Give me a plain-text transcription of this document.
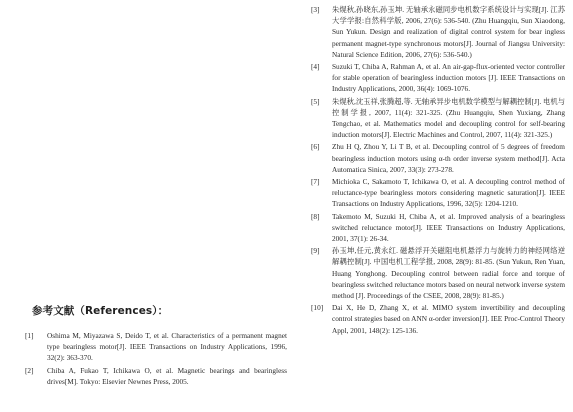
参考文献（References）：
[1]	Oshima M, Miyazawa S, Deido T, et al. Characteristics of a permanent magnet type bearingless motor[J]. IEEE Transactions on Industry Applications, 1996, 32(2): 363-370.
[2]	Chiba A, Fukao T, Ichikawa O, et al. Magnetic bearings and bearingless drives[M]. Tokyo: Elsevier Newnes Press, 2005.
[3]	朱熀秋,孙晓东,孙玉坤. 无轴承永磁同步电机数字系统设计与实现[J]. 江苏大学学报:自然科学版, 2006, 27(6): 536-540. (Zhu Huangqiu, Sun Xiaodong, Sun Yukun. Design and realization of digital control system for bear ingless permanent magnet-type synchronous motors[J]. Journal of Jiangsu University: Natural Science Edition, 2006, 27(6): 536-540.)
[4]	Suzuki T, Chiba A, Rahman A, et al. An air-gap-flux-oriented vector controller for stable operation of bearingless induction motors [J]. IEEE Transactions on Industry Applications, 2000, 36(4): 1069-1076.
[5]	朱熀秋,沈玉祥,张腾超,等. 无轴承异步电机数学模型与解耦控制[J]. 电机与控制学报, 2007, 11(4): 321-325. (Zhu Huangqiu, Shen Yuxiang, Zhang Tengchao, et al. Mathematics model and decoupling control for self-bearing induction motors[J]. Electric Machines and Control, 2007, 11(4): 321-325.)
[6]	Zhu H Q, Zhou Y, Li T B, et al. Decoupling control of 5 degrees of freedom bearingless induction motors using α-th order inverse system method[J]. Acta Automatica Sinica, 2007, 33(3): 273-278.
[7]	Michioka C, Sakamoto T, Ichikawa O, et al. A decoupling control method of reluctance-type bearingless motors considering magnetic saturation[J]. IEEE Transactions on Industry Applications, 1996, 32(5): 1204-1210.
[8]	Takemoto M, Suzuki H, Chiba A, et al. Improved analysis of a bearingless switched reluctance motor[J]. IEEE Transactions on Industry Applications, 2001, 37(1): 26-34.
[9]	孙玉坤,任元,黄永红. 磁悬浮开关磁阻电机悬浮力与旋转力的神经网络逆解耦控制[J]. 中国电机工程学报, 2008, 28(9): 81-85. (Sun Yukun, Ren Yuan, Huang Yonghong. Decoupling control between radial force and torque of bearingless switched reluctance motors based on neural network inverse system method [J]. Proceedings of the CSEE, 2008, 28(9): 81-85.)
[10]	Dai X, He D, Zhang X, et al. MIMO system invertibility and decoupling control strategies based on ANN α-order inversion[J]. IEE Proc-Control Theory Appl, 2001, 148(2): 125-136.
